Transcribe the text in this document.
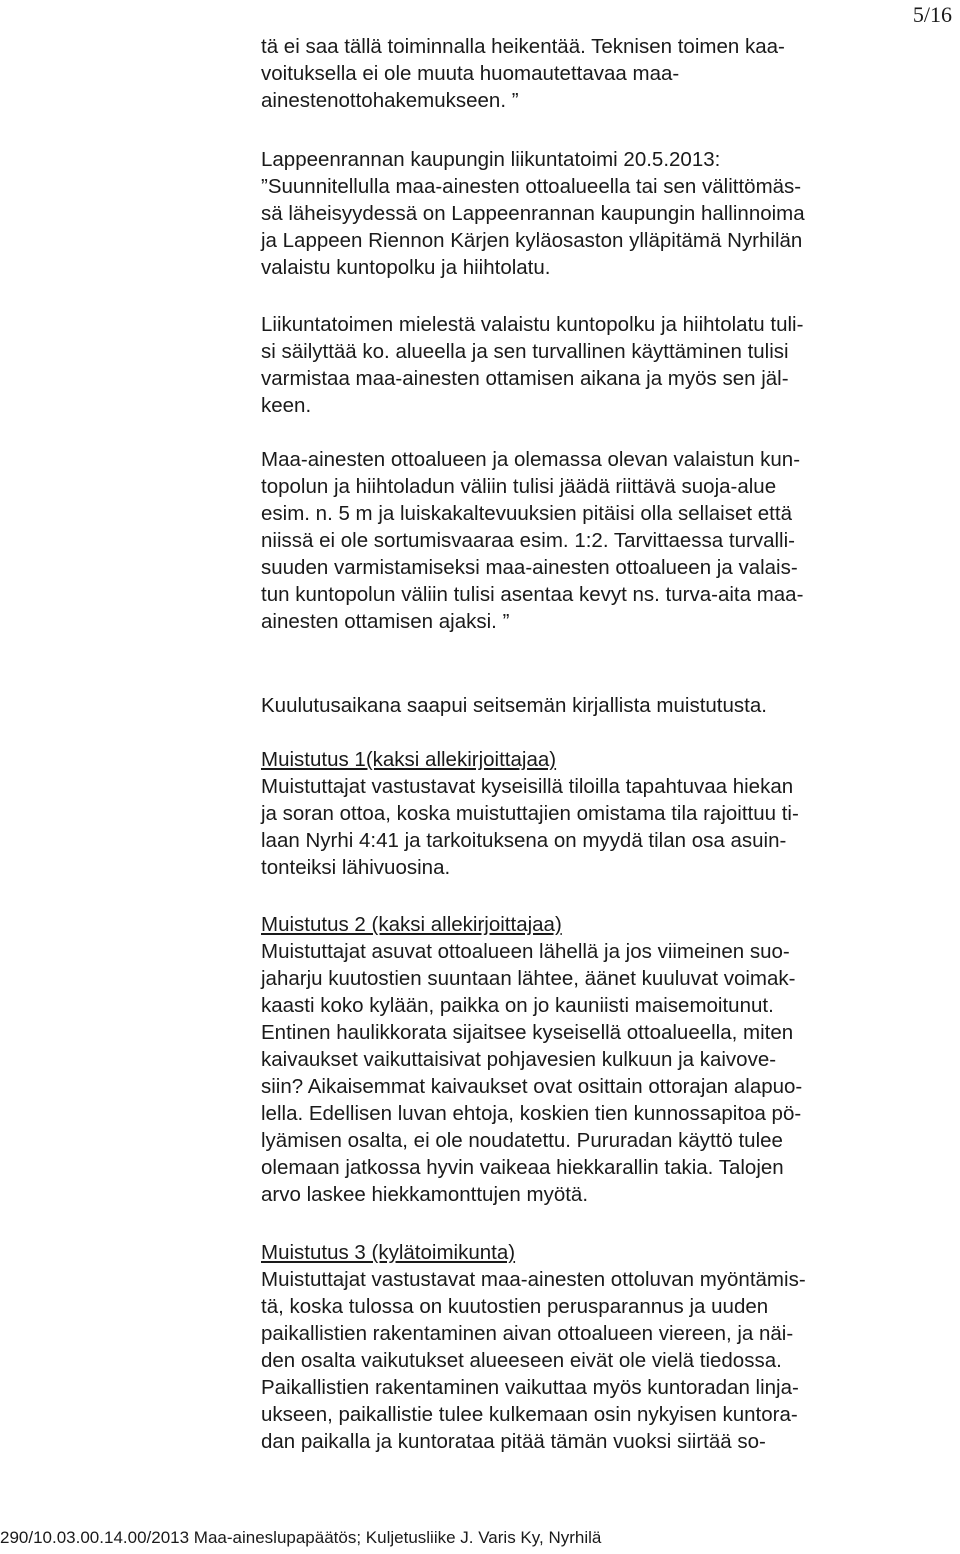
5/16
tä ei saa tällä toiminnalla heikentää. Teknisen toimen kaa-
voituksella ei ole muuta huomautettavaa maa-
ainestenottohakemukseen. ”
Lappeenrannan kaupungin liikuntatoimi 20.5.2013:
”Suunnitellulla maa-ainesten ottoalueella tai sen välittömäs-
sä läheisyydessä on Lappeenrannan kaupungin hallinnoima
ja Lappeen Riennon Kärjen kyläosaston ylläpitämä Nyrhilän
valaistu kuntopolku ja hiihtolatu.
Liikuntatoimen mielestä valaistu kuntopolku ja hiihtolatu tuli-
si säilyttää ko. alueella ja sen turvallinen käyttäminen tulisi
varmistaa maa-ainesten ottamisen aikana ja myös sen jäl-
keen.
Maa-ainesten ottoalueen ja olemassa olevan valaistun kun-
topolun ja hiihtoladun väliin tulisi jäädä riittävä suoja-alue
esim. n. 5 m ja luiskakaltevuuksien pitäisi olla sellaiset että
niissä ei ole sortumisvaaraa esim. 1:2. Tarvittaessa turvalli-
suuden varmistamiseksi maa-ainesten ottoalueen ja valais-
tun kuntopolun väliin tulisi asentaa kevyt ns. turva-aita maa-
ainesten ottamisen ajaksi. ”
Kuulutusaikana saapui seitsemän kirjallista muistutusta.
Muistutus 1(kaksi allekirjoittajaa)
Muistuttajat vastustavat kyseisillä tiloilla tapahtuvaa hiekan
ja soran ottoa, koska muistuttajien omistama tila rajoittuu ti-
laan Nyrhi 4:41 ja tarkoituksena on myydä tilan osa asuin-
tonteiksi lähivuosina.
Muistutus 2 (kaksi allekirjoittajaa)
Muistuttajat asuvat ottoalueen lähellä ja jos viimeinen suo-
jaharju kuutostien suuntaan lähtee, äänet kuuluvat voimak-
kaasti koko kylään, paikka on jo kauniisti maisemoitunut.
Entinen haulikkorata sijaitsee kyseisellä ottoalueella, miten
kaivaukset vaikuttaisivat pohjavesien kulkuun ja kaivove-
siin? Aikaisemmat kaivaukset ovat osittain ottorajan alapuo-
lella. Edellisen luvan ehtoja, koskien tien kunnossapitoa pö-
lyämisen osalta, ei ole noudatettu. Pururadan käyttö tulee
olemaan jatkossa hyvin vaikeaa hiekkarallin takia. Talojen
arvo laskee hiekkamonttujen myötä.
Muistutus 3 (kylätoimikunta)
Muistuttajat vastustavat maa-ainesten ottoluvan myöntämis-
tä, koska tulossa on kuutostien perusparannus ja uuden
paikallistien rakentaminen aivan ottoalueen viereen, ja näi-
den osalta vaikutukset alueeseen eivät ole vielä tiedossa.
Paikallistien rakentaminen vaikuttaa myös kuntoradan linja-
ukseen, paikallistie tulee kulkemaan osin nykyisen kuntora-
dan paikalla ja kuntorataa pitää tämän vuoksi siirtää so-
290/10.03.00.14.00/2013 Maa-aineslupapäätös; Kuljetusliike J. Varis Ky, Nyrhilä
